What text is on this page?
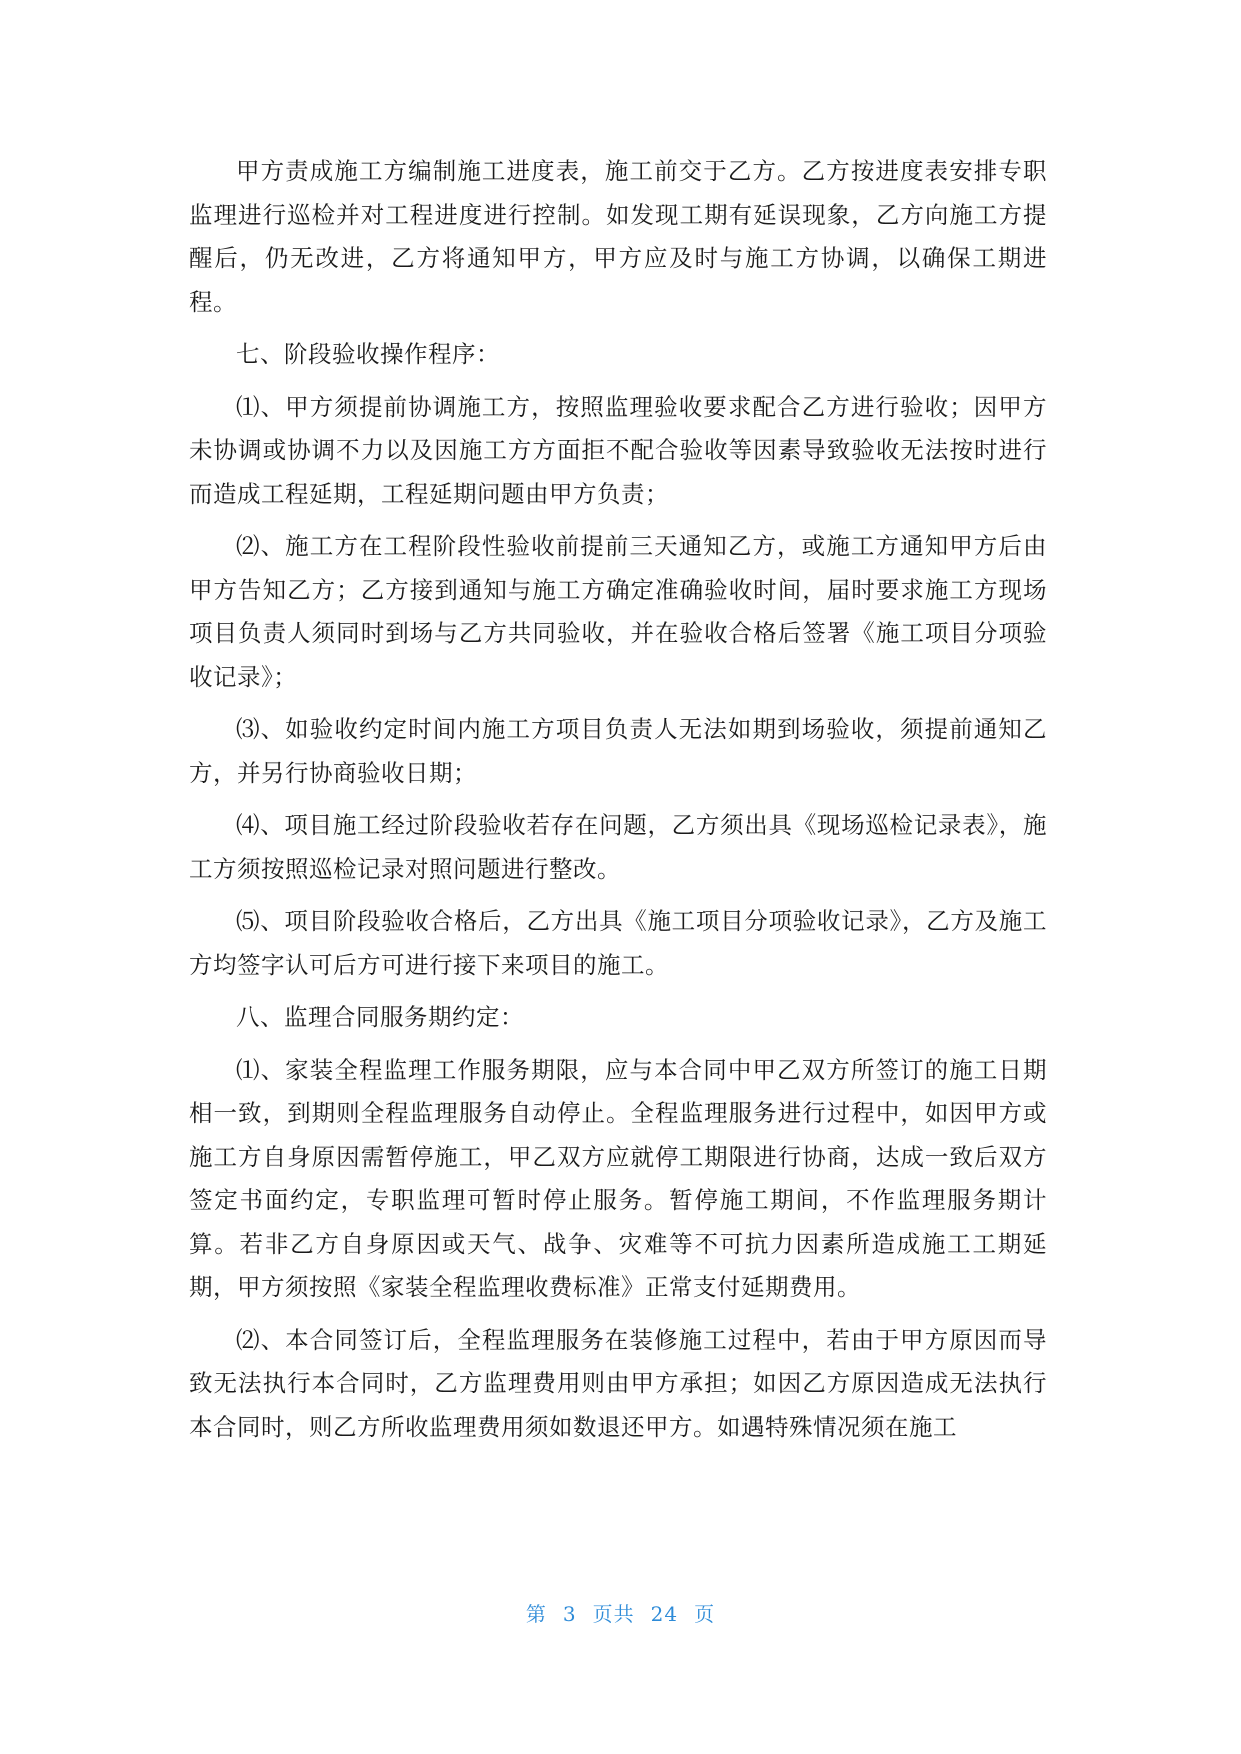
甲方责成施工方编制施工进度表，施工前交于乙方。乙方按进度表安排专职监理进行巡检并对工程进度进行控制。如发现工期有延误现象，乙方向施工方提醒后，仍无改进，乙方将通知甲方，甲方应及时与施工方协调，以确保工期进程。

七、阶段验收操作程序：

⑴、甲方须提前协调施工方，按照监理验收要求配合乙方进行验收；因甲方未协调或协调不力以及因施工方方面拒不配合验收等因素导致验收无法按时进行而造成工程延期，工程延期问题由甲方负责；

⑵、施工方在工程阶段性验收前提前三天通知乙方，或施工方通知甲方后由甲方告知乙方；乙方接到通知与施工方确定准确验收时间，届时要求施工方现场项目负责人须同时到场与乙方共同验收，并在验收合格后签署《施工项目分项验收记录》；

⑶、如验收约定时间内施工方项目负责人无法如期到场验收，须提前通知乙方，并另行协商验收日期；

⑷、项目施工经过阶段验收若存在问题，乙方须出具《现场巡检记录表》，施工方须按照巡检记录对照问题进行整改。

⑸、项目阶段验收合格后，乙方出具《施工项目分项验收记录》，乙方及施工方均签字认可后方可进行接下来项目的施工。

八、监理合同服务期约定：

⑴、家装全程监理工作服务期限，应与本合同中甲乙双方所签订的施工日期相一致，到期则全程监理服务自动停止。全程监理服务进行过程中，如因甲方或施工方自身原因需暂停施工，甲乙双方应就停工期限进行协商，达成一致后双方签定书面约定，专职监理可暂时停止服务。暂停施工期间，不作监理服务期计算。若非乙方自身原因或天气、战争、灾难等不可抗力因素所造成施工工期延期，甲方须按照《家装全程监理收费标准》正常支付延期费用。

⑵、本合同签订后，全程监理服务在装修施工过程中，若由于甲方原因而导致无法执行本合同时，乙方监理费用则由甲方承担；如因乙方原因造成无法执行本合同时，则乙方所收监理费用须如数退还甲方。如遇特殊情况须在施工

第 3 页共 24 页
